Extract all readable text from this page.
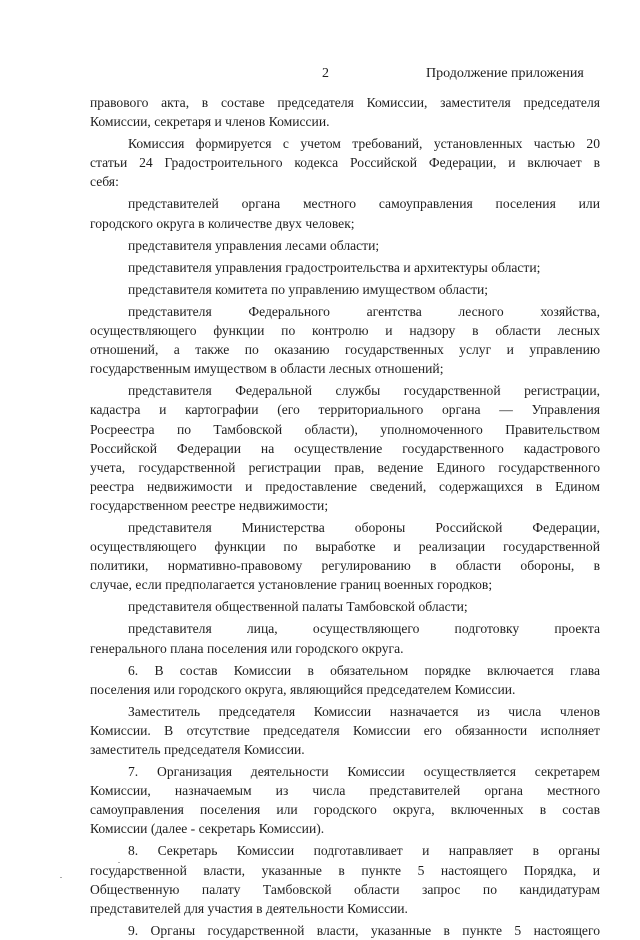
2	Продолжение приложения
правового акта, в составе председателя Комиссии, заместителя председателя
Комиссии, секретаря и членов Комиссии.
Комиссия формируется с учетом требований, установленных частью 20
статьи 24 Градостроительного кодекса Российской Федерации, и включает в
себя:
представителей органа местного самоуправления поселения или
городского округа в количестве двух человек;
представителя управления лесами области;
представителя управления градостроительства и архитектуры области;
представителя комитета по управлению имуществом области;
представителя Федерального агентства лесного хозяйства,
осуществляющего функции по контролю и надзору в области лесных
отношений, а также по оказанию государственных услуг и управлению
государственным имуществом в области лесных отношений;
представителя Федеральной службы государственной регистрации,
кадастра и картографии (его территориального органа — Управления
Росреестра по Тамбовской области), уполномоченного Правительством
Российской Федерации на осуществление государственного кадастрового
учета, государственной регистрации прав, ведение Единого государственного
реестра недвижимости и предоставление сведений, содержащихся в Едином
государственном реестре недвижимости;
представителя Министерства обороны Российской Федерации,
осуществляющего функции по выработке и реализации государственной
политики, нормативно-правовому регулированию в области обороны, в
случае, если предполагается установление границ военных городков;
представителя общественной палаты Тамбовской области;
представителя лица, осуществляющего подготовку проекта
генерального плана поселения или городского округа.
6. В состав Комиссии в обязательном порядке включается глава
поселения или городского округа, являющийся председателем Комиссии.
Заместитель председателя Комиссии назначается из числа членов
Комиссии. В отсутствие председателя Комиссии его обязанности исполняет
заместитель председателя Комиссии.
7. Организация деятельности Комиссии осуществляется секретарем
Комиссии, назначаемым из числа представителей органа местного
самоуправления поселения или городского округа, включенных в состав
Комиссии (далее - секретарь Комиссии).
8. Секретарь Комиссии подготавливает и направляет в органы
государственной власти, указанные в пункте 5 настоящего Порядка, и
Общественную палату Тамбовской области запрос по кандидатурам
представителей для участия в деятельности Комиссии.
9. Органы государственной власти, указанные в пункте 5 настоящего
